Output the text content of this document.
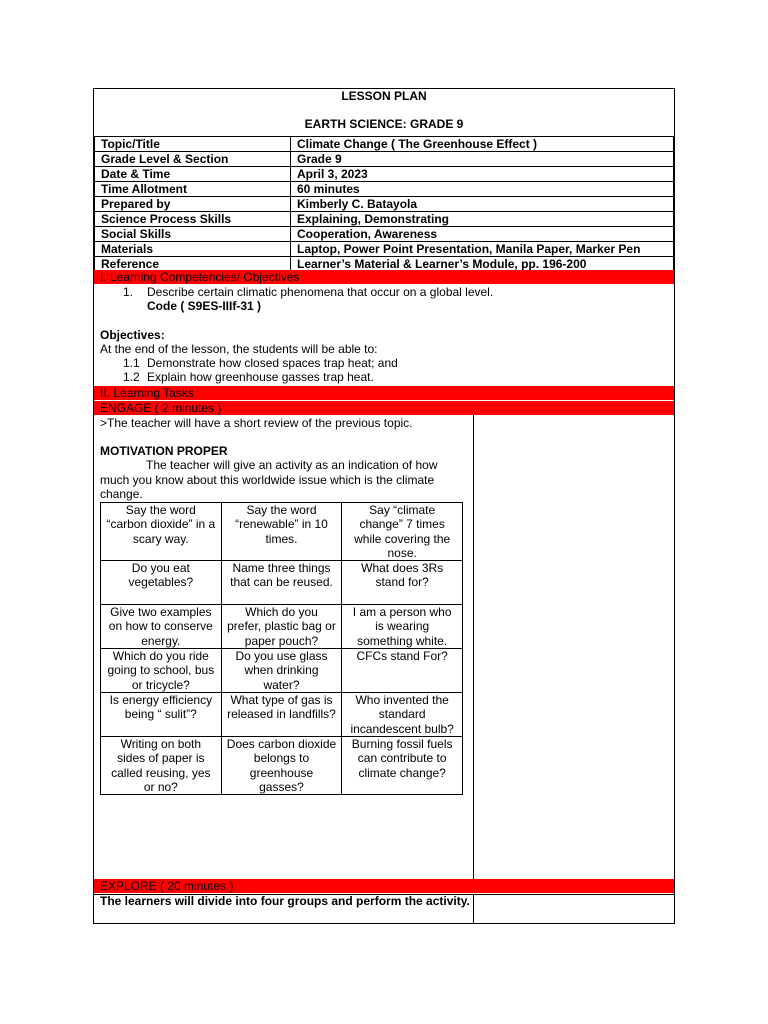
LESSON PLAN
EARTH SCIENCE: GRADE 9
Topic/Title	Climate Change ( The Greenhouse Effect )
Grade Level & Section	Grade 9
Date & Time	April 3, 2023
Time Allotment	60 minutes
Prepared by	Kimberly C. Batayola
Science Process Skills	Explaining, Demonstrating
Social Skills	Cooperation, Awareness
Materials	Laptop, Power Point Presentation, Manila Paper, Marker Pen
Reference	Learner’s Material & Learner’s Module, pp. 196-200
I. Learning Competencies/ Objectives
1. Describe certain climatic phenomena that occur on a global level.
Code ( S9ES-IIIf-31 )
Objectives:
At the end of the lesson, the students will be able to:
1.1 Demonstrate how closed spaces trap heat; and
1.2 Explain how greenhouse gasses trap heat.
II. Learning Tasks
ENGAGE ( 2 minutes )
>The teacher will have a short review of the previous topic.
MOTIVATION PROPER
The teacher will give an activity as an indication of how much you know about this worldwide issue which is the climate change.
Say the word “carbon dioxide” in a scary way.	Say the word “renewable” in 10 times.	Say “climate change” 7 times while covering the nose.
Do you eat vegetables?	Name three things that can be reused.	What does 3Rs stand for?
Give two examples on how to conserve energy.	Which do you prefer, plastic bag or paper pouch?	I am a person who is wearing something white.
Which do you ride going to school, bus or tricycle?	Do you use glass when drinking water?	CFCs stand For?
Is energy efficiency being “ sulit”?	What type of gas is released in landfills?	Who invented the standard incandescent bulb?
Writing on both sides of paper is called reusing, yes or no?	Does carbon dioxide belongs to greenhouse gasses?	Burning fossil fuels can contribute to climate change?
EXPLORE ( 20 minutes )
The learners will divide into four groups and perform the activity.
